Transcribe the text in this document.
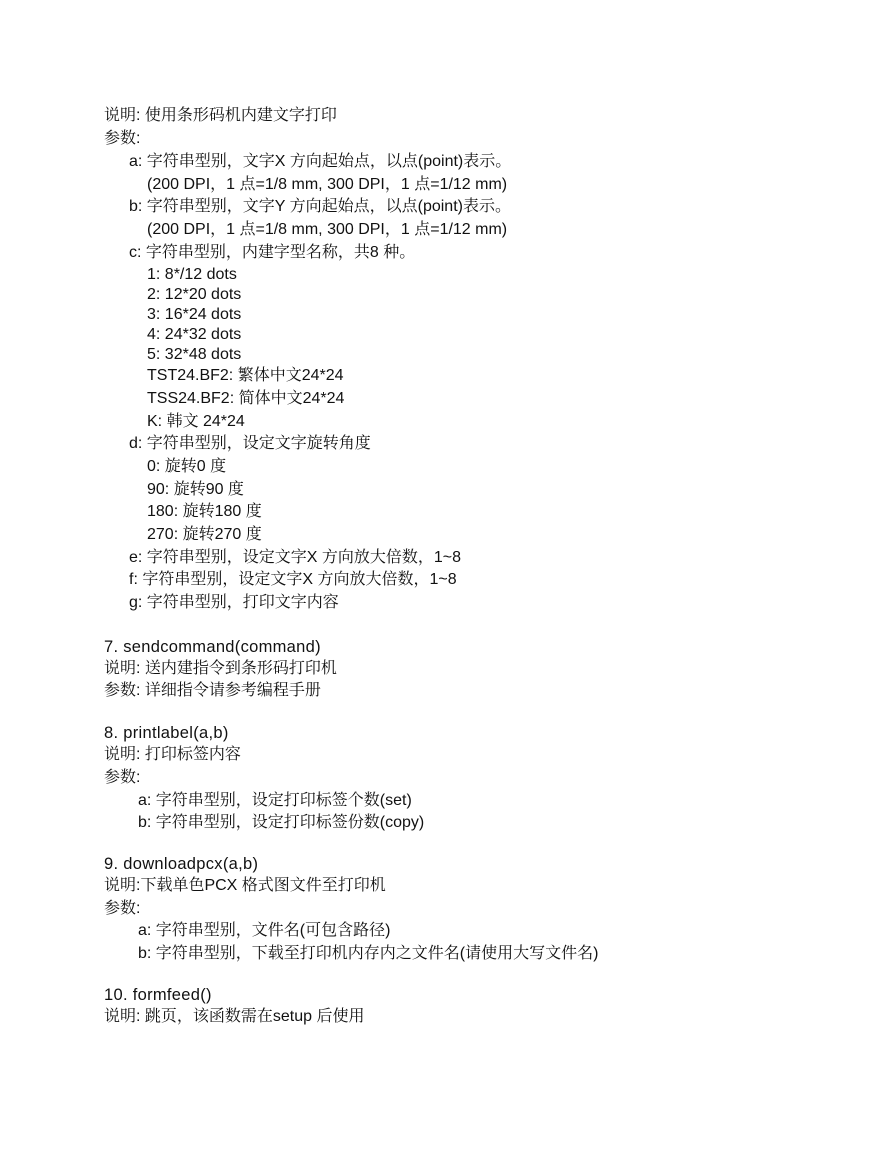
说明: 使用条形码机内建文字打印
参数:
a: 字符串型别，文字X 方向起始点，以点(point)表示。
(200 DPI，1 点=1/8 mm, 300 DPI，1 点=1/12 mm)
b: 字符串型别，文字Y 方向起始点，以点(point)表示。
(200 DPI，1 点=1/8 mm, 300 DPI，1 点=1/12 mm)
c: 字符串型别，内建字型名称，共8 种。
1: 8*/12 dots
2: 12*20 dots
3: 16*24 dots
4: 24*32 dots
5: 32*48 dots
TST24.BF2: 繁体中文24*24
TSS24.BF2: 简体中文24*24
K: 韩文 24*24
d: 字符串型别，设定文字旋转角度
0: 旋转0 度
90: 旋转90 度
180: 旋转180 度
270: 旋转270 度
e: 字符串型别，设定文字X 方向放大倍数，1~8
f: 字符串型别，设定文字X 方向放大倍数，1~8
g: 字符串型别，打印文字内容
7. sendcommand(command)
说明: 送内建指令到条形码打印机
参数: 详细指令请参考编程手册
8. printlabel(a,b)
说明: 打印标签内容
参数:
a: 字符串型别，设定打印标签个数(set)
b: 字符串型别，设定打印标签份数(copy)
9. downloadpcx(a,b)
说明:下载单色PCX 格式图文件至打印机
参数:
a: 字符串型别，文件名(可包含路径)
b: 字符串型别，下载至打印机内存内之文件名(请使用大写文件名)
10. formfeed()
说明: 跳页，该函数需在setup 后使用
